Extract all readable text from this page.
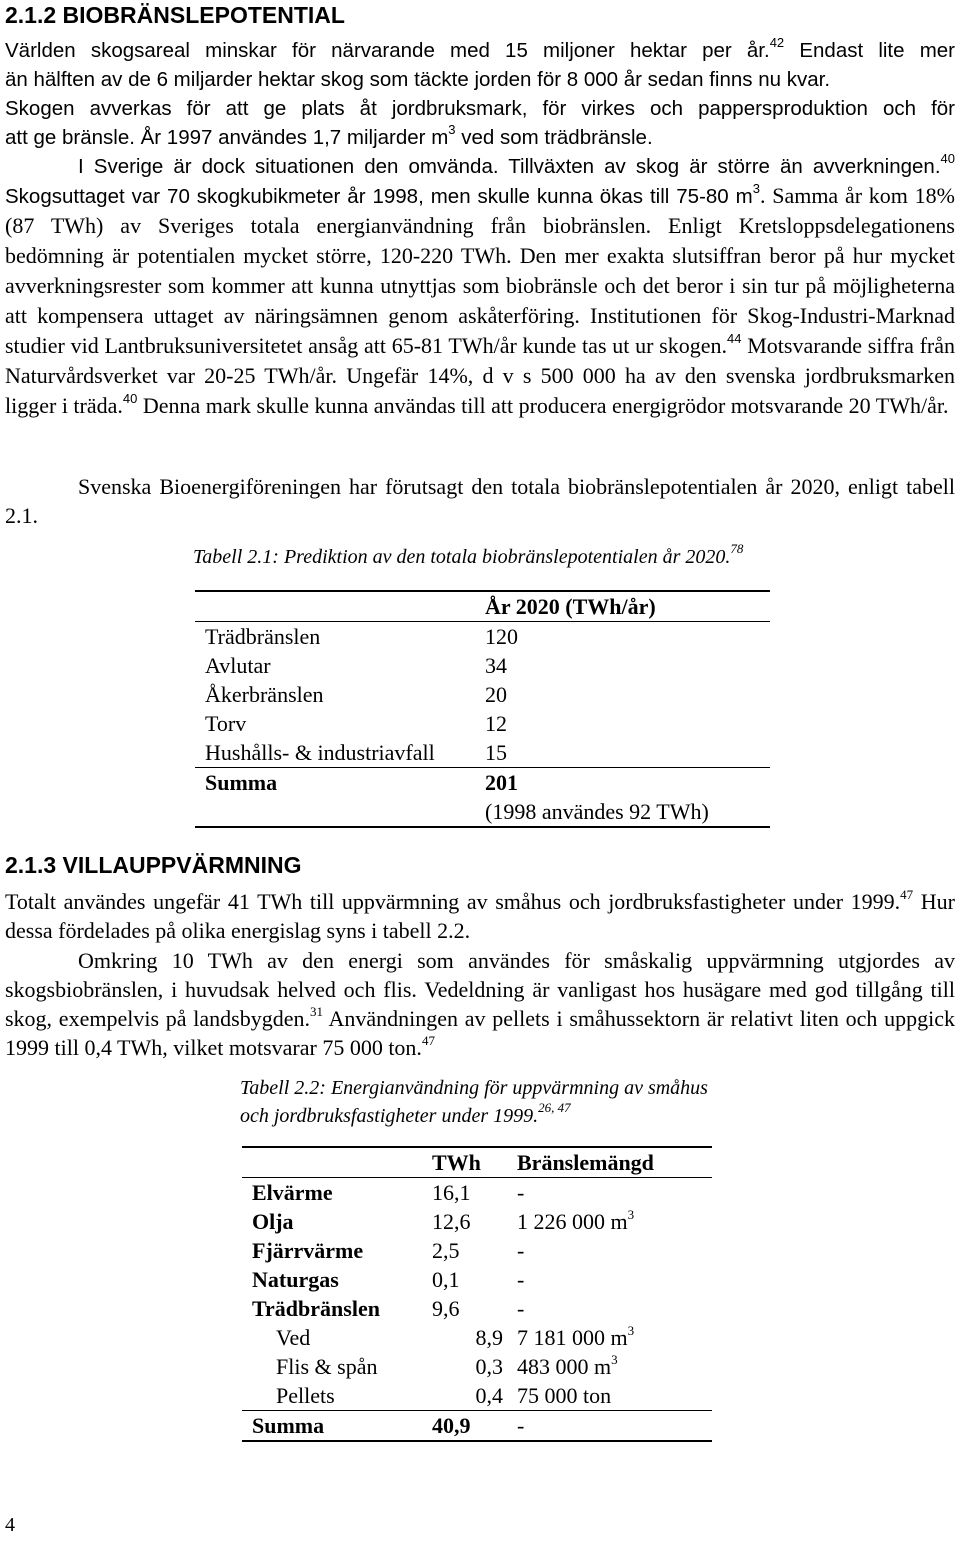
2.1.2 BIOBRÄNSLEPOTENTIAL
Världen skogsareal minskar för närvarande med 15 miljoner hektar per år.$^{42}$ Endast lite mer
än hälften av de 6 miljarder hektar skog som täckte jorden för 8 000 år sedan finns nu kvar.
Skogen avverkas för att ge plats åt jordbruksmark, för virkes och pappersproduktion och för
att ge bränsle. År 1997 användes 1,7 miljarder $m^3$ ved som trädbränsle.
I Sverige är dock situationen den omvända. Tillväxten av skog är större än avverkningen.$^{40}$ Skogsuttaget var 70 skogkubikmeter år 1998, men skulle kunna ökas till 75-80 $m^3$. Samma år kom 18% (87 TWh) av Sveriges totala energianvändning från biobränslen. Enligt Kretsloppsdelegationens bedömning är potentialen mycket större, 120-220 TWh. Den mer exakta slutsiffran beror på hur mycket avverkningsrester som kommer att kunna utnyttjas som biobränsle och det beror i sin tur på möjligheterna att kompensera uttaget av näringsämnen genom askåterföring. Institutionen för Skog-Industri-Marknad studier vid Lantbruksuniversitetet ansåg att 65-81 TWh/år kunde tas ut ur skogen.$^{44}$ Motsvarande siffra från Naturvårdsverket var 20-25 TWh/år. Ungefär 14%, d v s 500 000 ha av den svenska jordbruksmarken ligger i träda.$^{40}$ Denna mark skulle kunna användas till att producera energigrödor motsvarande 20 TWh/år.
Svenska Bioenergiföreningen har förutsagt den totala biobränslepotentialen år 2020, enligt tabell 2.1.
Tabell 2.1: Prediktion av den totala biobränslepotentialen år 2020.78
	År 2020 (TWh/år)
Trädbränslen	120
Avlutar	34
Åkerbränslen	20
Torv	12
Hushålls- & industriavfall	15
Summa	201
(1998 användes 92 TWh)
2.1.3 VILLAUPPVÄRMNING
Totalt användes ungefär 41 TWh till uppvärmning av småhus och jordbruksfastigheter under 1999.47 Hur dessa fördelades på olika energislag syns i tabell 2.2.
Omkring 10 TWh av den energi som användes för småskalig uppvärmning utgjordes av skogsbiobränslen, i huvudsak helved och flis. Vedeldning är vanligast hos husägare med god tillgång till skog, exempelvis på landsbygden.$^{31}$ Användningen av pellets i småhussektorn är relativt liten och uppgick 1999 till 0,4 TWh, vilket motsvarar 75 000 ton.$^{47}$
Tabell 2.2: Energianvändning för uppvärmning av småhus
och jordbruksfastigheter under 1999.$^{26, 47}$
	TWh	Bränslemängd
Elvärme	16,1	-
Olja	12,6	1 226 000 $m^3$
Fjärrvärme	2,5	-
Naturgas	0,1	-
Trädbränslen	9,6	-
Ved	8,9	7 181 000 $m^3$
Flis & spån	0,3	483 000 $m^3$
Pellets	0,4	75 000 ton
Summa	40,9	-
4
